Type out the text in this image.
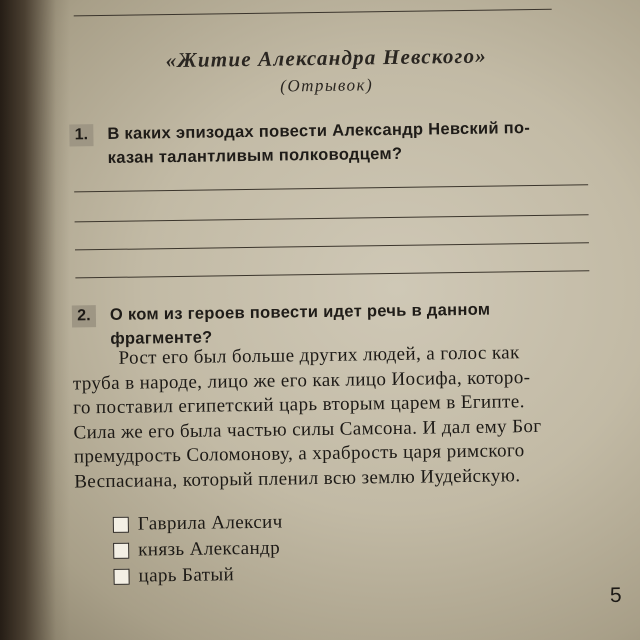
«Житие Александра Невского»
(Отрывок)
1.	В каких эпизодах повести Александр Невский по-
казан талантливым полководцем?
2.	О ком из героев повести идет речь в данном
фрагменте?
Рост его был больше других людей, а голос как
труба в народе, лицо же его как лицо Иосифа, которо-
го поставил египетский царь вторым царем в Египте.
Сила же его была частью силы Самсона. И дал ему Бог
премудрость Соломонову, а храбрость царя римского
Веспасиана, который пленил всю землю Иудейскую.
Гаврила Алексич
князь Александр
царь Батый
5
